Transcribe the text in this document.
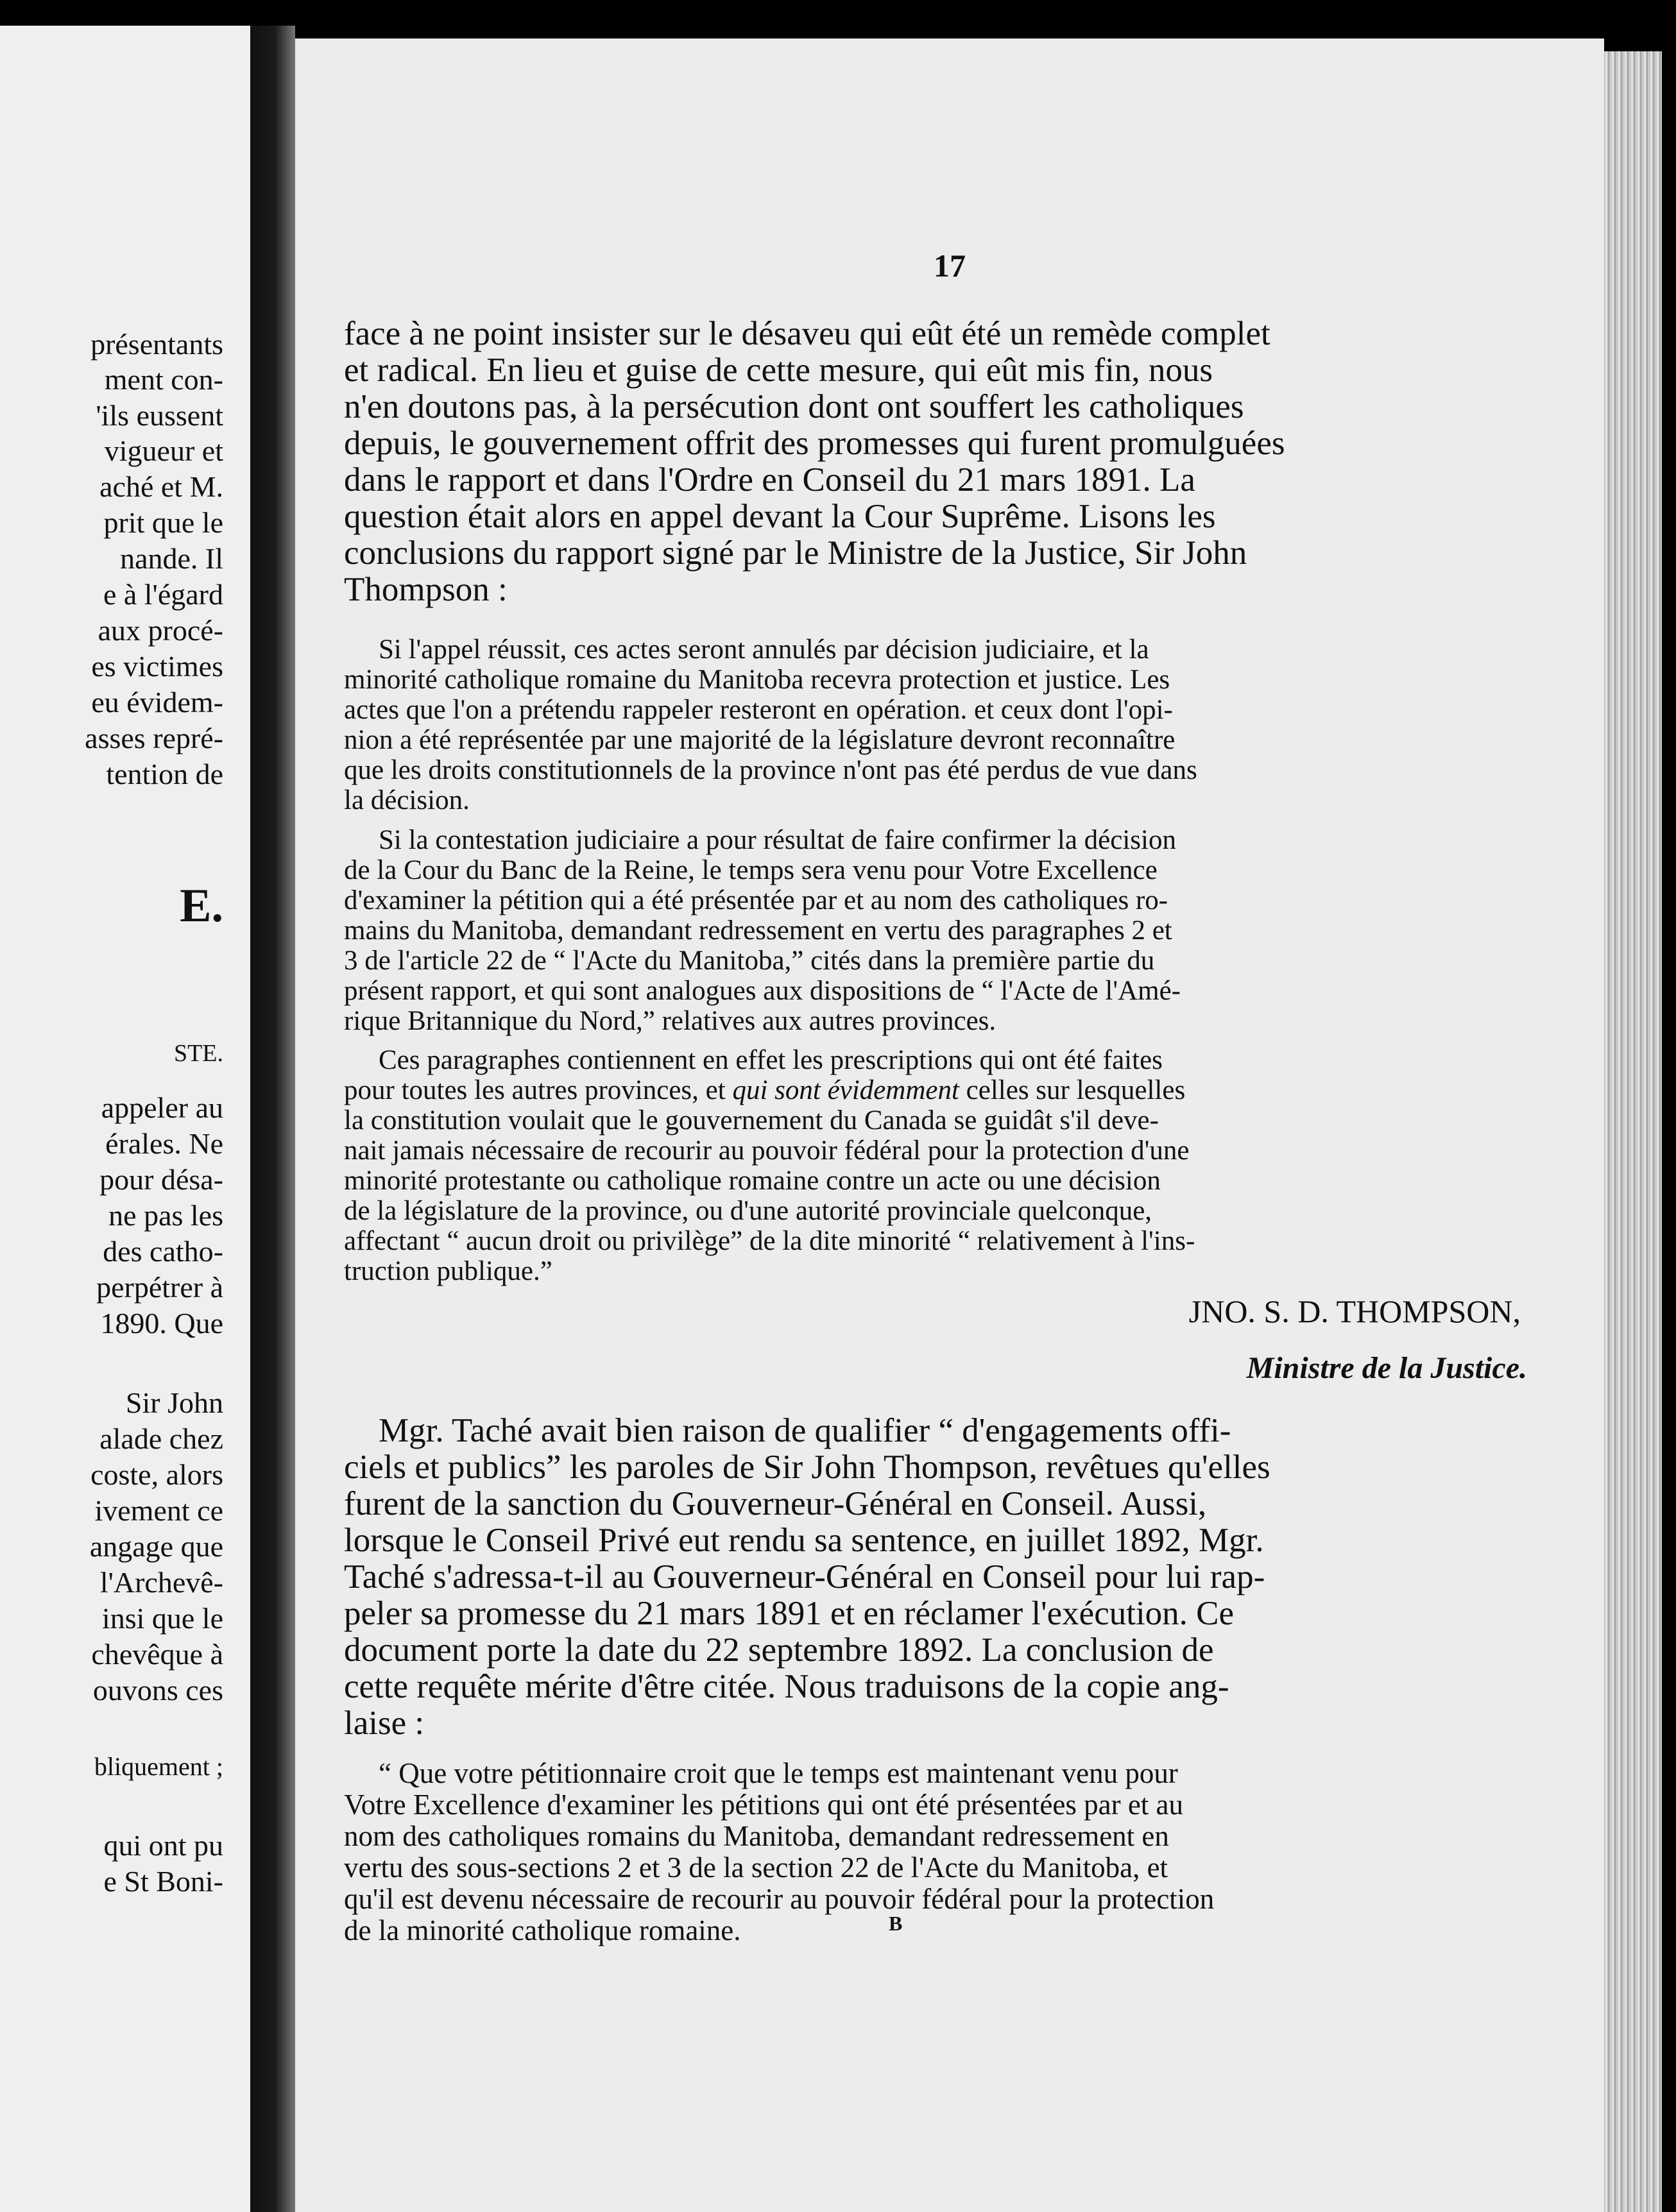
présentants
ment con-
'ils eussent
vigueur et
aché et M.
prit que le
nande. Il
e à l'égard
aux procé-
es victimes
eu évidem-
asses repré-
tention de
E.
STE.
appeler au
érales. Ne
pour désa-
ne pas les
des catho-
perpétrer à
1890. Que
Sir John
alade chez
coste, alors
ivement ce
angage que
l'Archevê-
insi que le
chevêque à
ouvons ces
bliquement ;
qui ont pu
e St Boni-
17
face à ne point insister sur le désaveu qui eût été un remède complet
et radical. En lieu et guise de cette mesure, qui eût mis fin, nous
n'en doutons pas, à la persécution dont ont souffert les catholiques
depuis, le gouvernement offrit des promesses qui furent promulguées
dans le rapport et dans l'Ordre en Conseil du 21 mars 1891. La
question était alors en appel devant la Cour Suprême. Lisons les
conclusions du rapport signé par le Ministre de la Justice, Sir John
Thompson :
Si l'appel réussit, ces actes seront annulés par décision judiciaire, et la
minorité catholique romaine du Manitoba recevra protection et justice. Les
actes que l'on a prétendu rappeler resteront en opération. et ceux dont l'opi-
nion a été représentée par une majorité de la législature devront reconnaître
que les droits constitutionnels de la province n'ont pas été perdus de vue dans
la décision.
Si la contestation judiciaire a pour résultat de faire confirmer la décision
de la Cour du Banc de la Reine, le temps sera venu pour Votre Excellence
d'examiner la pétition qui a été présentée par et au nom des catholiques ro-
mains du Manitoba, demandant redressement en vertu des paragraphes 2 et
3 de l'article 22 de “ l'Acte du Manitoba,” cités dans la première partie du
présent rapport, et qui sont analogues aux dispositions de “ l'Acte de l'Amé-
rique Britannique du Nord,” relatives aux autres provinces.
Ces paragraphes contiennent en effet les prescriptions qui ont été faites
pour toutes les autres provinces, et qui sont évidemment celles sur lesquelles
la constitution voulait que le gouvernement du Canada se guidât s'il deve-
nait jamais nécessaire de recourir au pouvoir fédéral pour la protection d'une
minorité protestante ou catholique romaine contre un acte ou une décision
de la législature de la province, ou d'une autorité provinciale quelconque,
affectant “ aucun droit ou privilège” de la dite minorité “ relativement à l'ins-
truction publique.”
JNO. S. D. THOMPSON,
Ministre de la Justice.
Mgr. Taché avait bien raison de qualifier “ d'engagements offi-
ciels et publics” les paroles de Sir John Thompson, revêtues qu'elles
furent de la sanction du Gouverneur-Général en Conseil. Aussi,
lorsque le Conseil Privé eut rendu sa sentence, en juillet 1892, Mgr.
Taché s'adressa-t-il au Gouverneur-Général en Conseil pour lui rap-
peler sa promesse du 21 mars 1891 et en réclamer l'exécution. Ce
document porte la date du 22 septembre 1892. La conclusion de
cette requête mérite d'être citée. Nous traduisons de la copie ang-
laise :
“ Que votre pétitionnaire croit que le temps est maintenant venu pour
Votre Excellence d'examiner les pétitions qui ont été présentées par et au
nom des catholiques romains du Manitoba, demandant redressement en
vertu des sous-sections 2 et 3 de la section 22 de l'Acte du Manitoba, et
qu'il est devenu nécessaire de recourir au pouvoir fédéral pour la protection
de la minorité catholique romaine.	B
